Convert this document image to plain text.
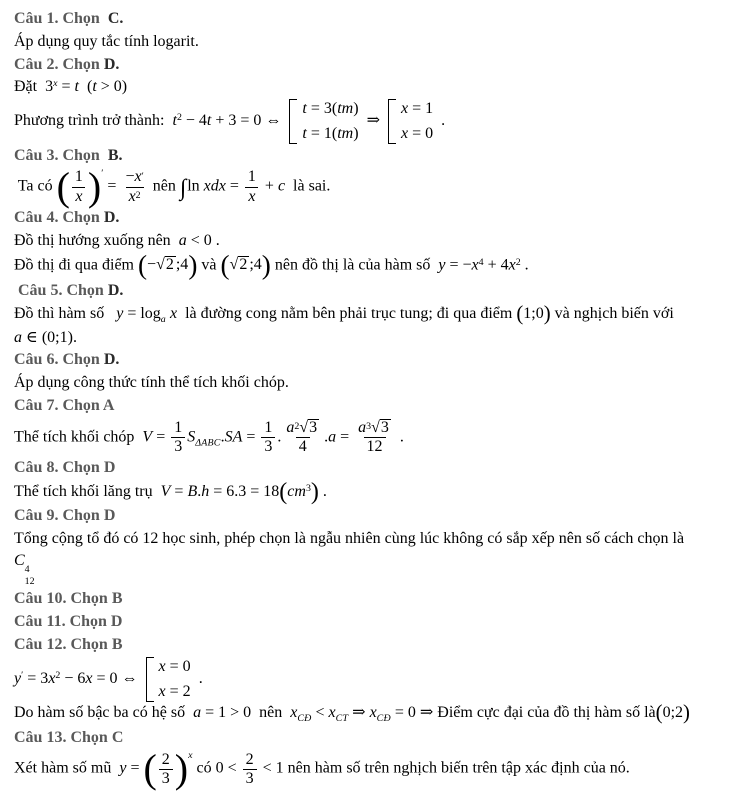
Câu 1. Chọn  C.
Áp dụng quy tắc tính logarit.
Câu 2. Chọn D.
Đặt  3x = t  (t > 0)
Phương trình trở thành:  t2 − 4t + 3 = 0 ⇔
t = 3(tm)
t = 1(tm)
⇒
x = 1
x = 0
.
Câu 3. Chọn  B.
Ta có ( $\frac{1}{x}$ ) ′ = $\frac{-x'}{x2}$ nên ∫ln xdx = $\frac{1}{x} + c$  là sai.
Câu 4. Chọn D.
Đồ thị hướng xuống nên  a < 0 .
Đồ thị đi qua điểm ( −√2 ;4 ) và ( √2 ;4 ) nên đồ thị là của hàm số  y = −x4 + 4x2 .
Câu 5. Chọn D.
Đồ thì hàm số   $y = \log_a x$  là đường cong nằm bên phải trục tung; đi qua điểm ( 1;0 ) và nghịch biến với
a ∈ (0;1).
Câu 6. Chọn D.
Áp dụng công thức tính thể tích khối chóp.
Câu 7. Chọn A
Thể tích khối chóp  $V = \frac{1}{3} S_{\Delta ABC}.SA = \frac{1}{3}$ . $\frac{a2√3}{4} .a = \frac{a3√3}{12}$ .
Câu 8. Chọn D
Thể tích khối lăng trụ  V = B.h = 6.3 = 18 ( cm3 ) .
Câu 9. Chọn D
Tổng cộng tổ đó có 12 học sinh, phép chọn là ngẫu nhiên cùng lúc không có sắp xếp nên số cách chọn là
C
4
12
Câu 10. Chọn B
Câu 11. Chọn D
Câu 12. Chọn B
y′ = 3x2 − 6x = 0 ⇔
x = 0
x = 2
.
Do hàm số bậc ba có hệ số  a = 1 > 0  nên  $x_{CĐ} < x_{CT}$ ⇒ $x_{CĐ} = 0$ ⇒ Điểm cực đại của đồ thị hàm số là ( 0;2 )
Câu 13. Chọn C
Xét hàm số mũ  y = ( $\frac{2}{3}$ ) x có $0 < \frac{2}{3} < 1$ nên hàm số trên nghịch biến trên tập xác định của nó.
